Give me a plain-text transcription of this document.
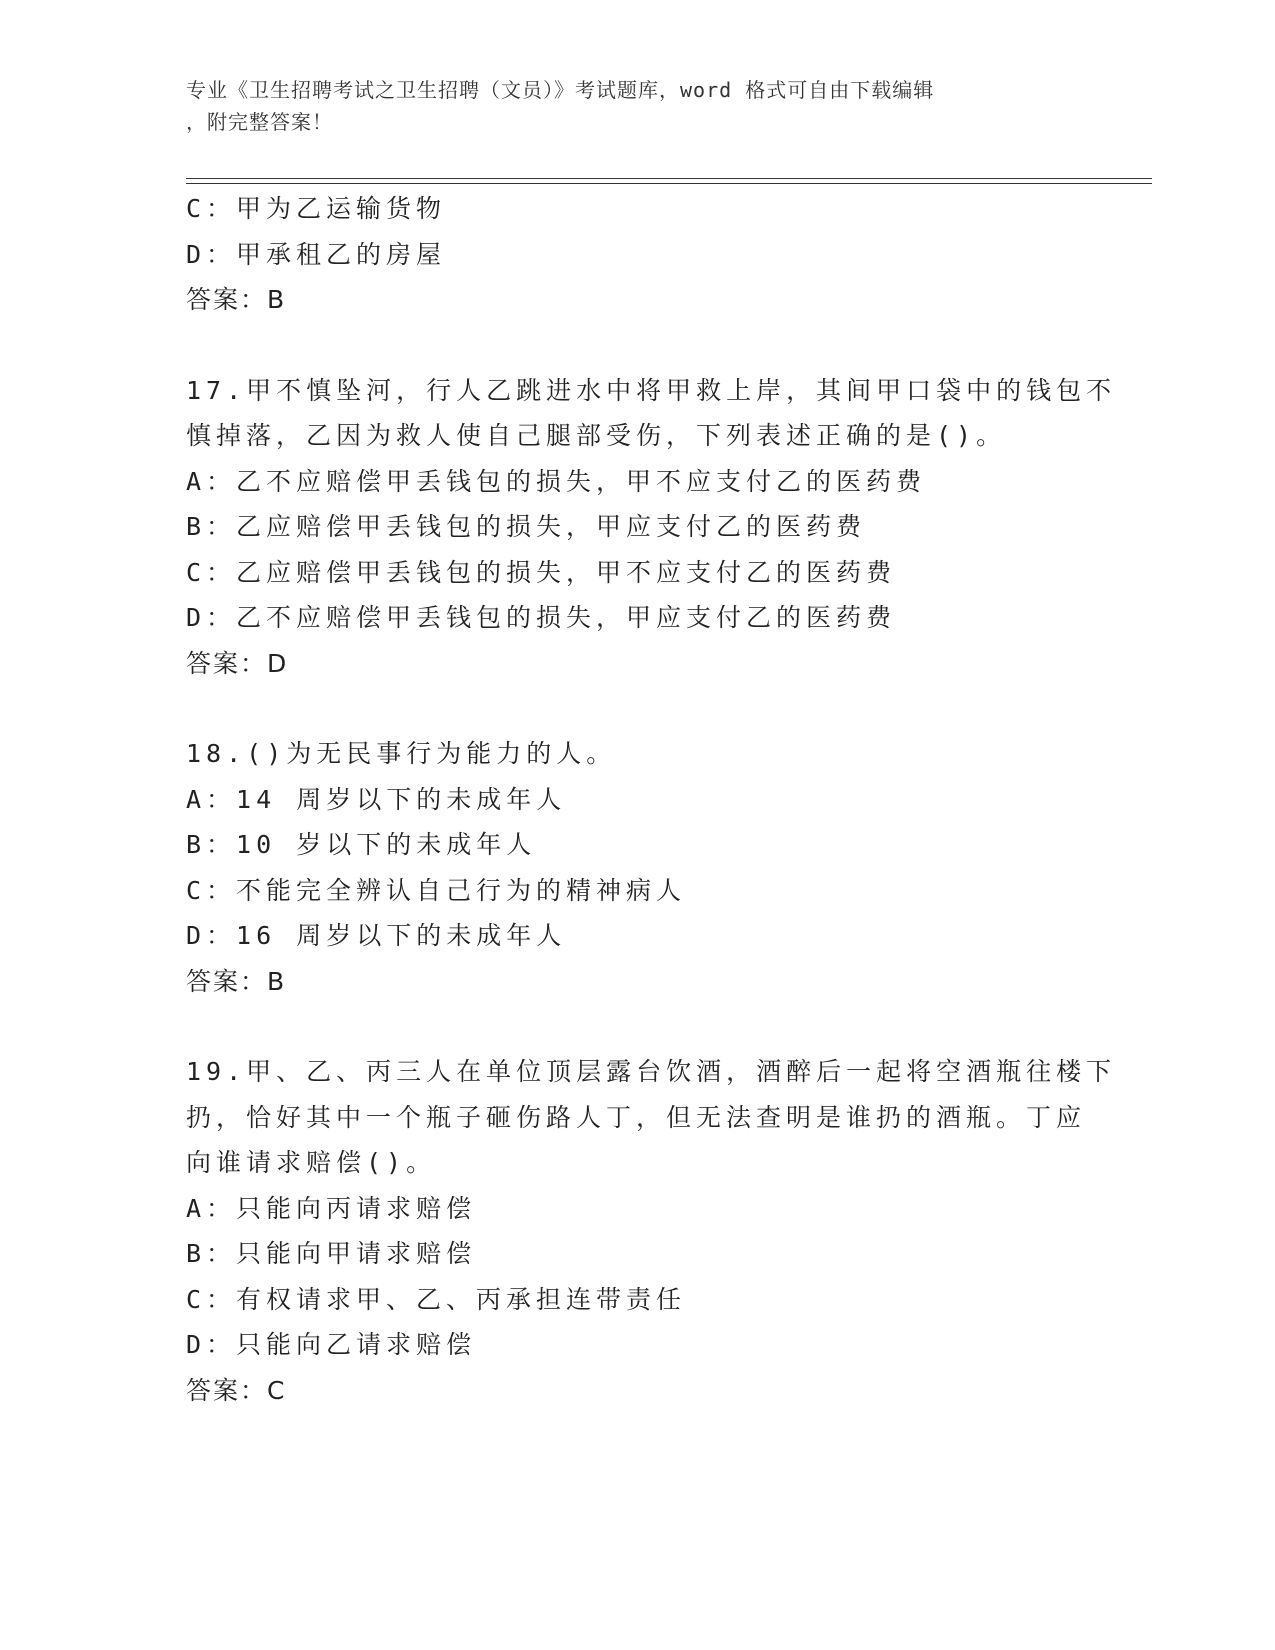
专业《卫生招聘考试之卫生招聘（文员）》考试题库，word 格式可自由下载编辑
，附完整答案！
C：甲为乙运输货物
D：甲承租乙的房屋
答案：B
17.甲不慎坠河，行人乙跳进水中将甲救上岸，其间甲口袋中的钱包不
慎掉落，乙因为救人使自己腿部受伤，下列表述正确的是()。
A：乙不应赔偿甲丢钱包的损失，甲不应支付乙的医药费
B：乙应赔偿甲丢钱包的损失，甲应支付乙的医药费
C：乙应赔偿甲丢钱包的损失，甲不应支付乙的医药费
D：乙不应赔偿甲丢钱包的损失，甲应支付乙的医药费
答案：D
18.()为无民事行为能力的人。
A：14 周岁以下的未成年人
B：10 岁以下的未成年人
C：不能完全辨认自己行为的精神病人
D：16 周岁以下的未成年人
答案：B
19.甲、乙、丙三人在单位顶层露台饮酒，酒醉后一起将空酒瓶往楼下
扔，恰好其中一个瓶子砸伤路人丁，但无法查明是谁扔的酒瓶。丁应
向谁请求赔偿()。
A：只能向丙请求赔偿
B：只能向甲请求赔偿
C：有权请求甲、乙、丙承担连带责任
D：只能向乙请求赔偿
答案：C
